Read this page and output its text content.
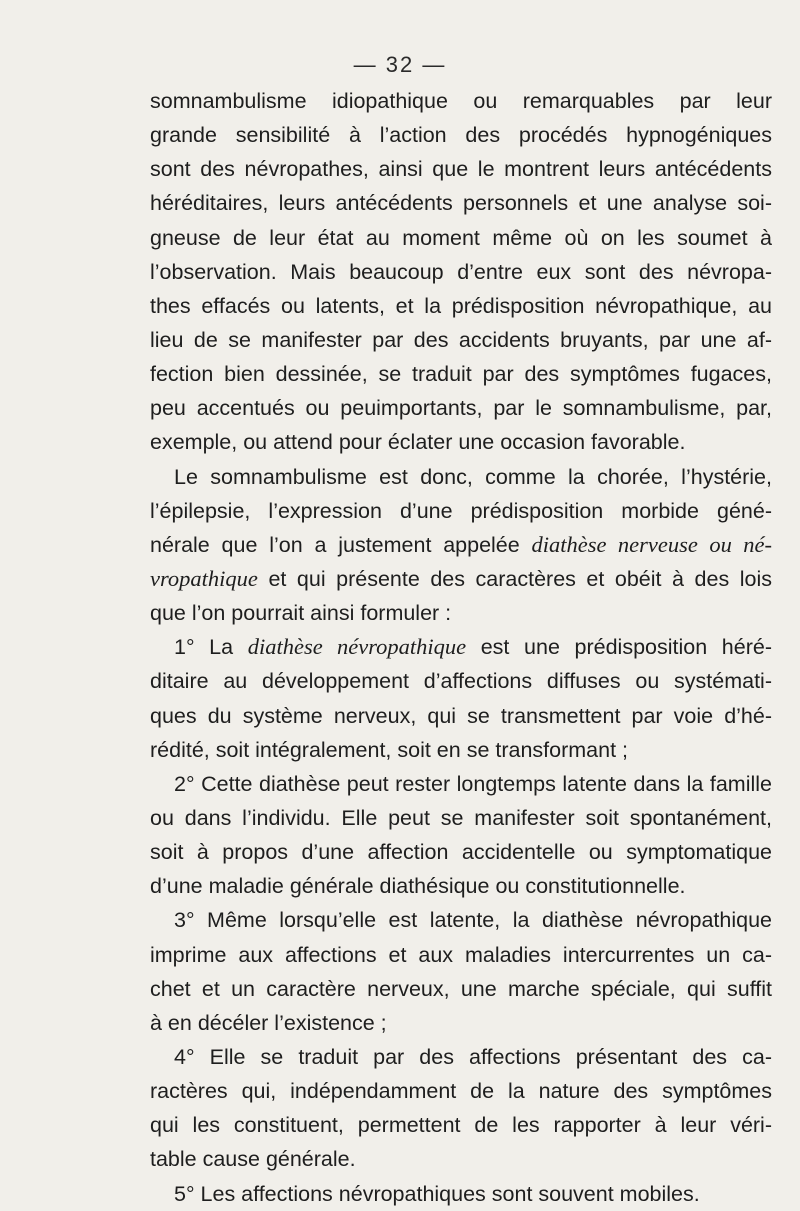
— 32 —
somnambulisme idiopathique ou remarquables par leur
grande sensibilité à l’action des procédés hypnogéniques
sont des névropathes, ainsi que le montrent leurs antécédents
héréditaires, leurs antécédents personnels et une analyse soi-
gneuse de leur état au moment même où on les soumet à
l’observation. Mais beaucoup d’entre eux sont des névropa-
thes effacés ou latents, et la prédisposition névropathique, au
lieu de se manifester par des accidents bruyants, par une af-
fection bien dessinée, se traduit par des symptômes fugaces,
peu accentués ou peuimportants, par le somnambulisme, par,
exemple, ou attend pour éclater une occasion favorable.
Le somnambulisme est donc, comme la chorée, l’hystérie,
l’épilepsie, l’expression d’une prédisposition morbide géné-
nérale que l’on a justement appelée diathèse nerveuse ou né-
vropathique et qui présente des caractères et obéit à des lois
que l’on pourrait ainsi formuler :
1° La diathèse névropathique est une prédisposition héré-
ditaire au développement d’affections diffuses ou systémati-
ques du système nerveux, qui se transmettent par voie d’hé-
rédité, soit intégralement, soit en se transformant ;
2° Cette diathèse peut rester longtemps latente dans la famille
ou dans l’individu. Elle peut se manifester soit spontanément,
soit à propos d’une affection accidentelle ou symptomatique
d’une maladie générale diathésique ou constitutionnelle.
3° Même lorsqu’elle est latente, la diathèse névropathique
imprime aux affections et aux maladies intercurrentes un ca-
chet et un caractère nerveux, une marche spéciale, qui suffit
à en décéler l’existence ;
4° Elle se traduit par des affections présentant des ca-
ractères qui, indépendamment de la nature des symptômes
qui les constituent, permettent de les rapporter à leur véri-
table cause générale.
5° Les affections névropathiques sont souvent mobiles.
